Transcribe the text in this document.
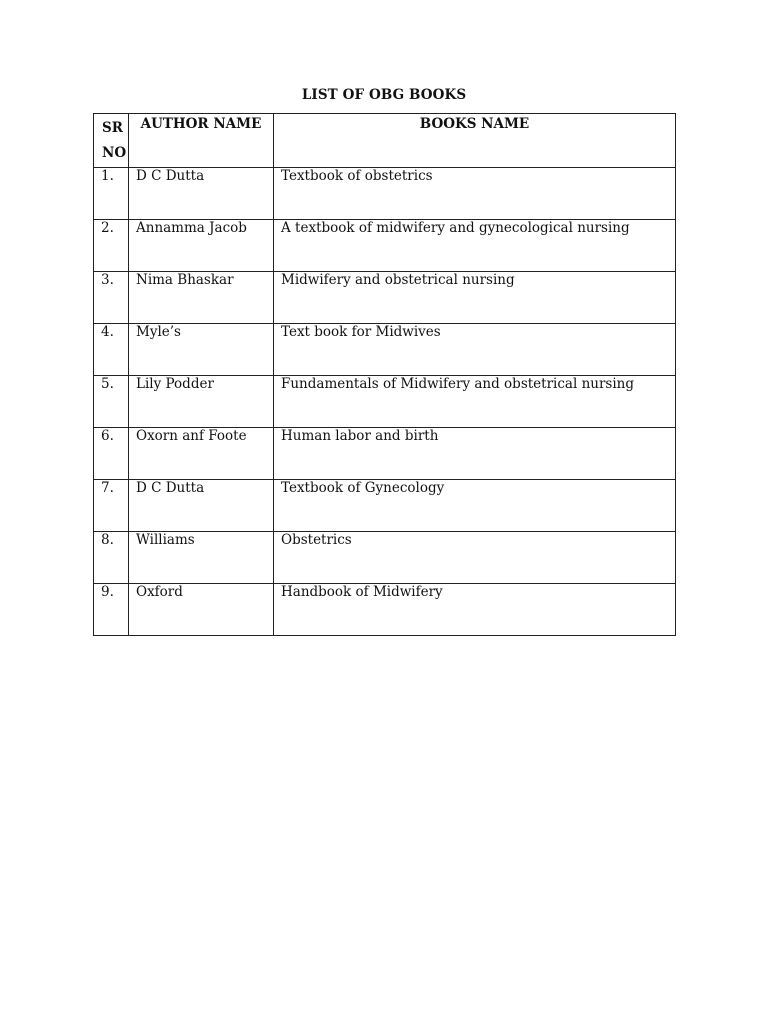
LIST OF OBG BOOKS
SR
NO	AUTHOR NAME	BOOKS NAME
1.	D C Dutta	Textbook of obstetrics
2.	Annamma Jacob	A textbook of midwifery and gynecological nursing
3.	Nima Bhaskar	Midwifery and obstetrical nursing
4.	Myle’s	Text book for Midwives
5.	Lily Podder	Fundamentals of Midwifery and obstetrical nursing
6.	Oxorn anf Foote	Human labor and birth
7.	D C Dutta	Textbook of Gynecology
8.	Williams	Obstetrics
9.	Oxford	Handbook of Midwifery
